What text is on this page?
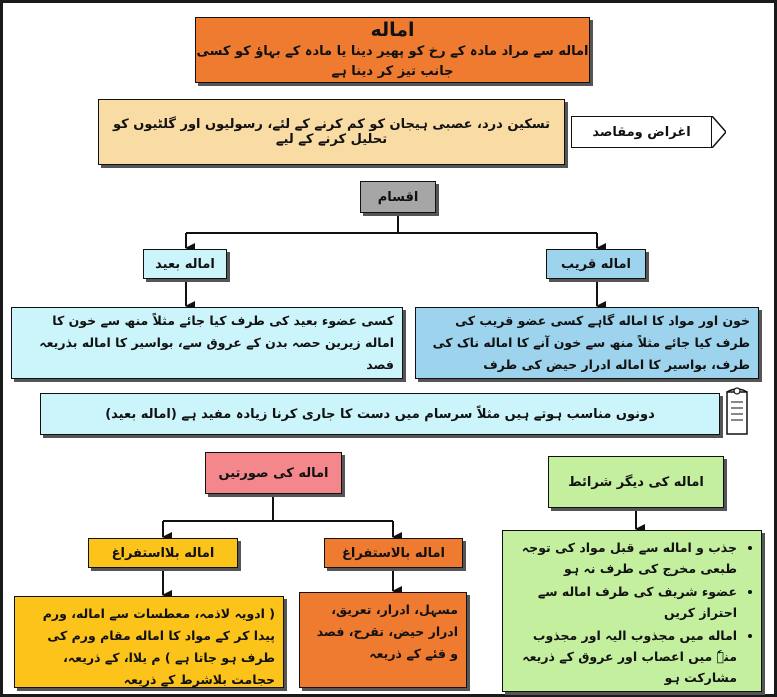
اماله
اماله سے مراد مادہ کے رخ کو پھیر دینا یا مادہ کے بہاؤ کو کسی جانب تیز کر دینا ہے
تسکین درد، عصبی ہیجان کو کم کرنے کے لئے، رسولیوں اور گلٹیوں کو تحلیل کرنے کے لیے	اغراض ومقاصد
اقسام
اماله قریب
اماله بعید
خون اور مواد کا اماله گاہے کسی عضو قریب کی طرف کیا جائے مثلاً منھ سے خون آنے کا اماله ناک کی طرف، بواسیر کا اماله ادرار حیض کی طرف
کسی عضوء بعید کی طرف کیا جائے مثلاً منھ سے خون کا اماله زیرین حصہ بدن کے عروق سے، بواسیر کا اماله بذریعہ فصد
دونوں مناسب ہوتے ہیں مثلاً سرسام میں دست کا جاری کرنا زیادہ مفید ہے (اماله بعید)
اماله کی صورتیں
اماله کی دیگر شرائط
• جذب و اماله سے قبل مواد کی توجہ طبعی مخرج کی طرف نہ ہو
• عضوء شریف کی طرف اماله سے احتراز کریں
• اماله میں مجذوب الیہ اور مجذوب منہٗ میں اعصاب اور عروق کے ذریعہ مشارکت ہو
اماله بالاستفراغ
اماله بلااستفراغ
مسہل، ادرار، تعریق، ادرار حیض، تقرح، فصد و قئے کے ذریعہ
( ادویہ لاذمہ، معطسات سے اماله، ورم پیدا کر کے مواد کا اماله مقام ورم کی طرف ہو جاتا ہے ) م یلاا، کے ذریعہ، حجامت بلاشرط کے ذریعہ
